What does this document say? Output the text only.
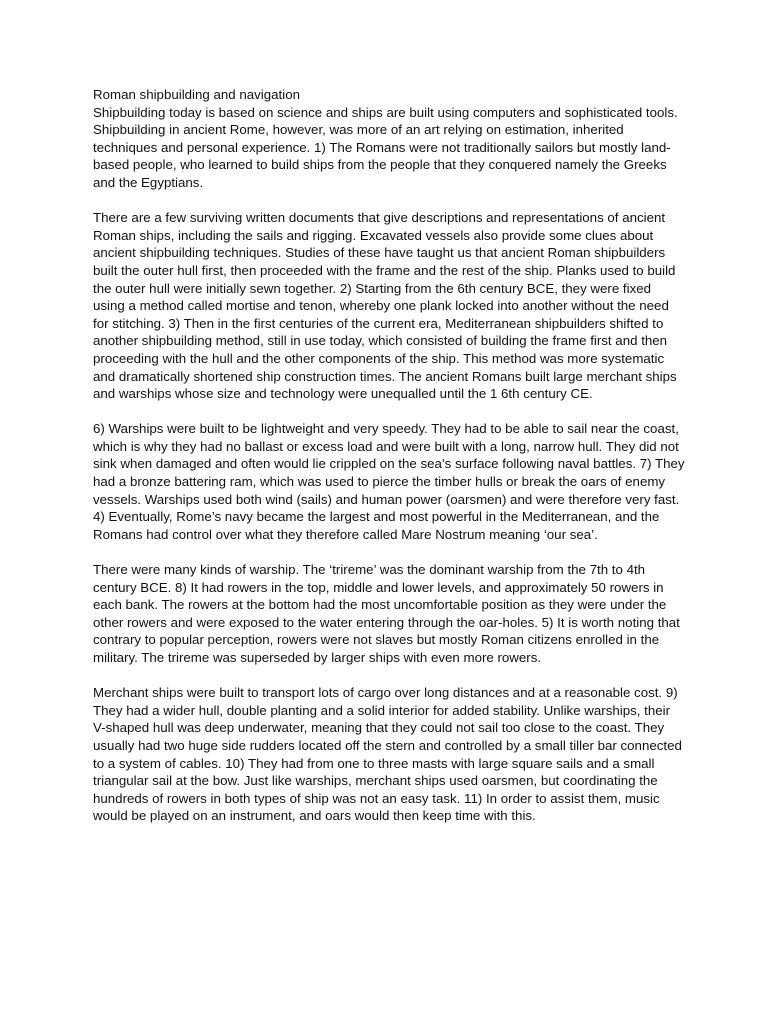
Roman shipbuilding and navigation

Shipbuilding today is based on science and ships are built using computers and sophisticated tools. Shipbuilding in ancient Rome, however, was more of an art relying on estimation, inherited techniques and personal experience. 1) The Romans were not traditionally sailors but mostly land- based people, who learned to build ships from the people that they conquered namely the Greeks and the Egyptians.

There are a few surviving written documents that give descriptions and representations of ancient Roman ships, including the sails and rigging. Excavated vessels also provide some clues about ancient shipbuilding techniques. Studies of these have taught us that ancient Roman shipbuilders built the outer hull first, then proceeded with the frame and the rest of the ship. Planks used to build the outer hull were initially sewn together. 2) Starting from the 6th century BCE, they were fixed using a method called mortise and tenon, whereby one plank locked into another without the need for stitching. 3) Then in the first centuries of the current era, Mediterranean shipbuilders shifted to another shipbuilding method, still in use today, which consisted of building the frame first and then proceeding with the hull and the other components of the ship. This method was more systematic and dramatically shortened ship construction times. The ancient Romans built large merchant ships and warships whose size and technology were unequalled until the 1 6th century CE.

6) Warships were built to be lightweight and very speedy. They had to be able to sail near the coast, which is why they had no ballast or excess load and were built with a long, narrow hull. They did not sink when damaged and often would lie crippled on the sea’s surface following naval battles. 7) They had a bronze battering ram, which was used to pierce the timber hulls or break the oars of enemy vessels. Warships used both wind (sails) and human power (oarsmen) and were therefore very fast. 4) Eventually, Rome’s navy became the largest and most powerful in the Mediterranean, and the Romans had control over what they therefore called Mare Nostrum meaning ‘our sea’.

There were many kinds of warship. The ‘trireme’ was the dominant warship from the 7th to 4th century BCE. 8) It had rowers in the top, middle and lower levels, and approximately 50 rowers in each bank. The rowers at the bottom had the most uncomfortable position as they were under the other rowers and were exposed to the water entering through the oar-holes. 5) It is worth noting that contrary to popular perception, rowers were not slaves but mostly Roman citizens enrolled in the military. The trireme was superseded by larger ships with even more rowers.

Merchant ships were built to transport lots of cargo over long distances and at a reasonable cost. 9) They had a wider hull, double planting and a solid interior for added stability. Unlike warships, their V-shaped hull was deep underwater, meaning that they could not sail too close to the coast. They usually had two huge side rudders located off the stern and controlled by a small tiller bar connected to a system of cables. 10) They had from one to three masts with large square sails and a small triangular sail at the bow. Just like warships, merchant ships used oarsmen, but coordinating the hundreds of rowers in both types of ship was not an easy task. 11) In order to assist them, music would be played on an instrument, and oars would then keep time with this.
